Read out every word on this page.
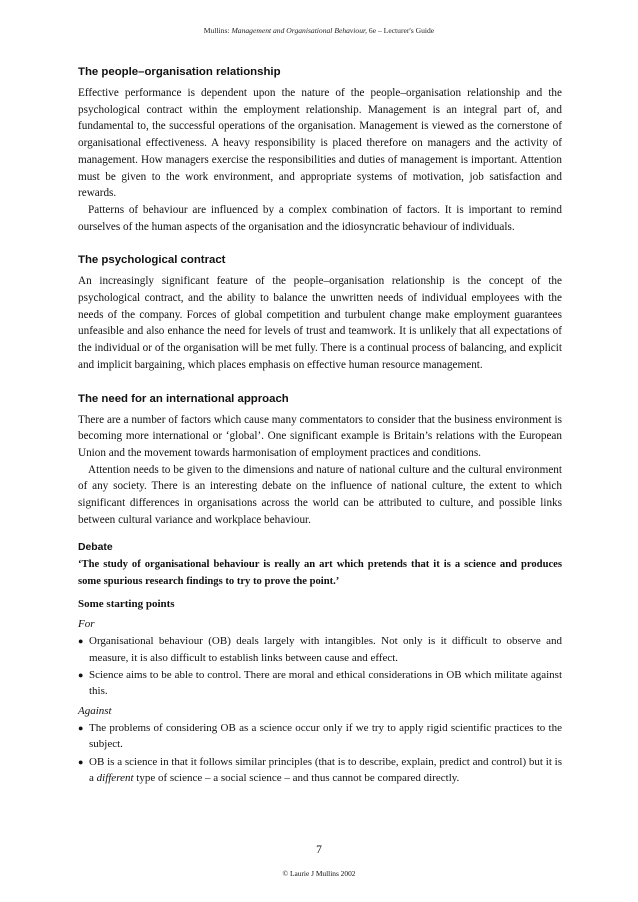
Mullins: Management and Organisational Behaviour, 6e – Lecturer's Guide
The people–organisation relationship

Effective performance is dependent upon the nature of the people–organisation relationship and the psychological contract within the employment relationship. Management is an integral part of, and fundamental to, the successful operations of the organisation. Management is viewed as the cornerstone of organisational effectiveness. A heavy responsibility is placed therefore on managers and the activity of management. How managers exercise the responsibilities and duties of management is important. Attention must be given to the work environment, and appropriate systems of motivation, job satisfaction and rewards.

Patterns of behaviour are influenced by a complex combination of factors. It is important to remind ourselves of the human aspects of the organisation and the idiosyncratic behaviour of individuals.

The psychological contract

An increasingly significant feature of the people–organisation relationship is the concept of the psychological contract, and the ability to balance the unwritten needs of individual employees with the needs of the company. Forces of global competition and turbulent change make employment guarantees unfeasible and also enhance the need for levels of trust and teamwork. It is unlikely that all expectations of the individual or of the organisation will be met fully. There is a continual process of balancing, and explicit and implicit bargaining, which places emphasis on effective human resource management.

The need for an international approach

There are a number of factors which cause many commentators to consider that the business environment is becoming more international or ‘global’. One significant example is Britain’s relations with the European Union and the movement towards harmonisation of employment practices and conditions.

Attention needs to be given to the dimensions and nature of national culture and the cultural environment of any society. There is an interesting debate on the influence of national culture, the extent to which significant differences in organisations across the world can be attributed to culture, and possible links between cultural variance and workplace behaviour.

Debate

‘The study of organisational behaviour is really an art which pretends that it is a science and produces some spurious research findings to try to prove the point.’

Some starting points
For
● Organisational behaviour (OB) deals largely with intangibles. Not only is it difficult to observe and measure, it is also difficult to establish links between cause and effect.
● Science aims to be able to control. There are moral and ethical considerations in OB which militate against this.
Against
● The problems of considering OB as a science occur only if we try to apply rigid scientific practices to the subject.
● OB is a science in that it follows similar principles (that is to describe, explain, predict and control) but it is a different type of science – a social science – and thus cannot be compared directly.
7
© Laurie J Mullins 2002
